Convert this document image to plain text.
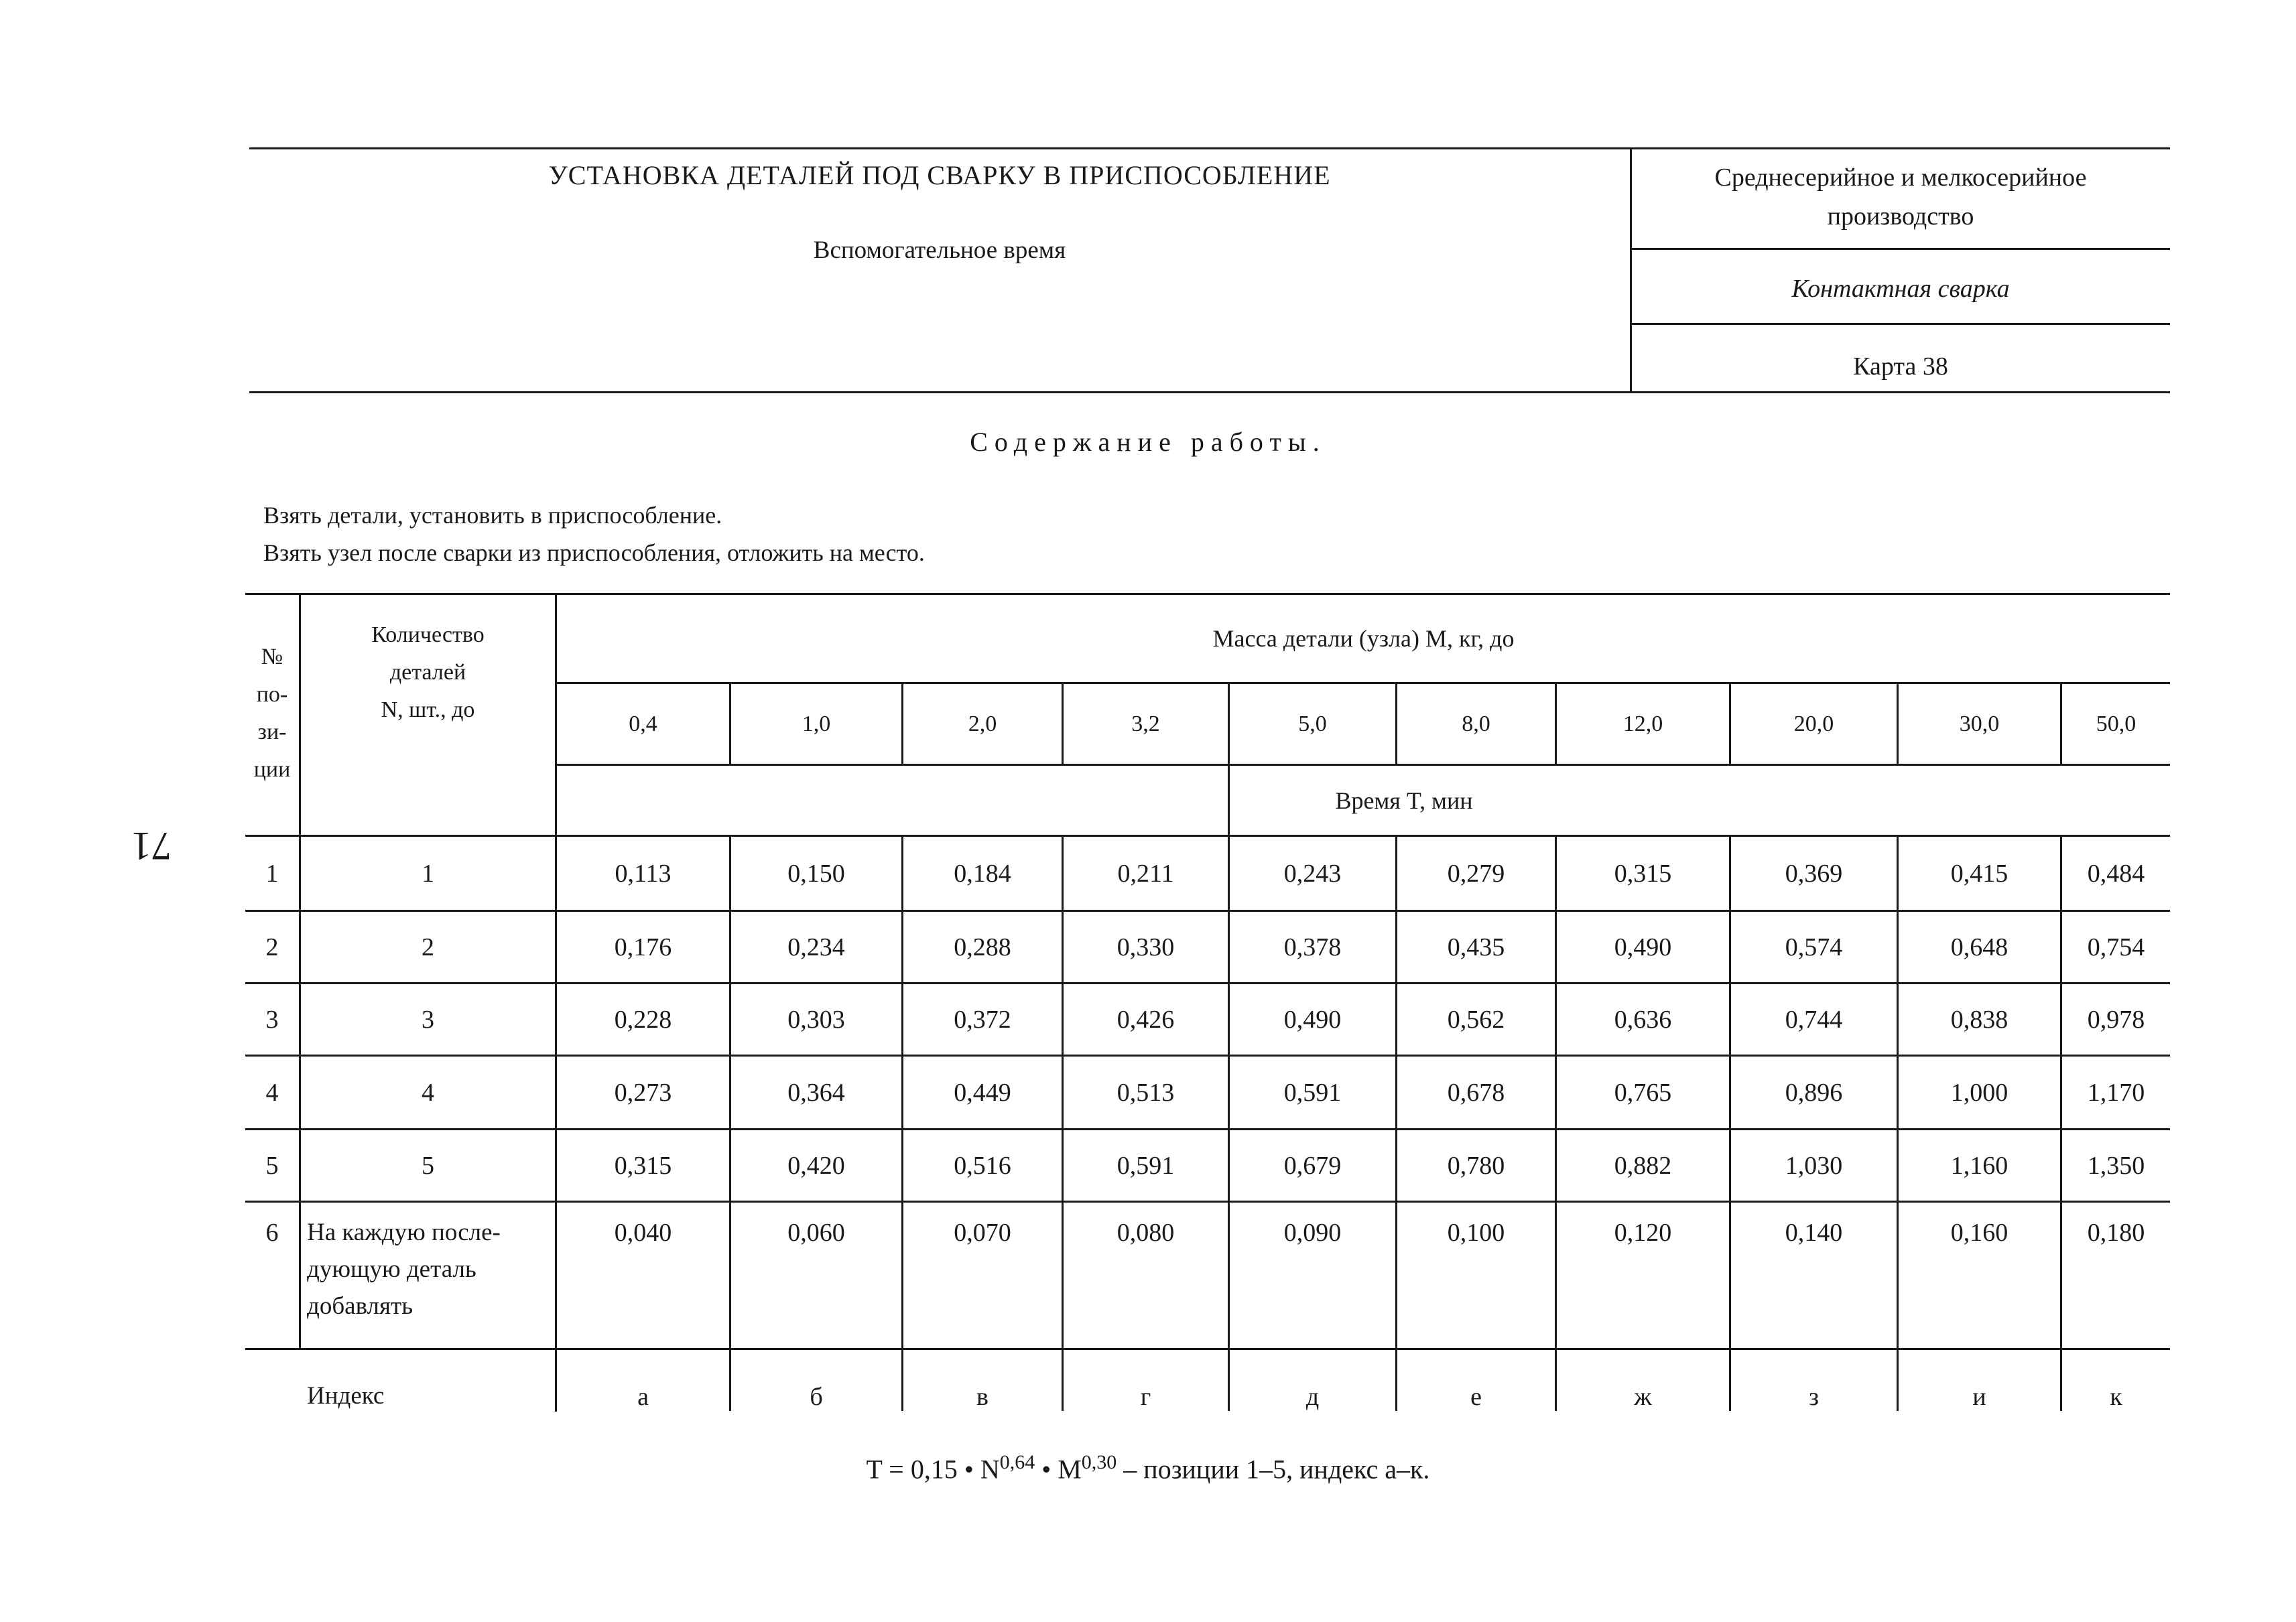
71
УСТАНОВКА ДЕТАЛЕЙ ПОД СВАРКУ В ПРИСПОСОБЛЕНИЕ
Вспомогательное время
Среднесерийное и мелкосерийное
производство
Контактная сварка
Карта 38
Содержание работы.
Взять детали, установить в приспособление.
Взять узел после сварки из приспособления, отложить на место.
№
по-
зи-
ции
Количество
деталей
N, шт., до
Масса детали (узла) M, кг, до
0,4	1,0	2,0	3,2	5,0	8,0	12,0	20,0	30,0	50,0
Время T, мин
1	1	0,113	0,150	0,184	0,211	0,243	0,279	0,315	0,369	0,415	0,484
2	2	0,176	0,234	0,288	0,330	0,378	0,435	0,490	0,574	0,648	0,754
3	3	0,228	0,303	0,372	0,426	0,490	0,562	0,636	0,744	0,838	0,978
4	4	0,273	0,364	0,449	0,513	0,591	0,678	0,765	0,896	1,000	1,170
5	5	0,315	0,420	0,516	0,591	0,679	0,780	0,882	1,030	1,160	1,350
6	На каждую после-
дующую деталь
добавлять
0,040	0,060	0,070	0,080	0,090	0,100	0,120	0,140	0,160	0,180
Индекс	а	б	в	г	д	е	ж	з	и	к
T = 0,15 • N$^{0,64}$ • M$^{0,30}$ – позиции 1–5, индекс а–к.
